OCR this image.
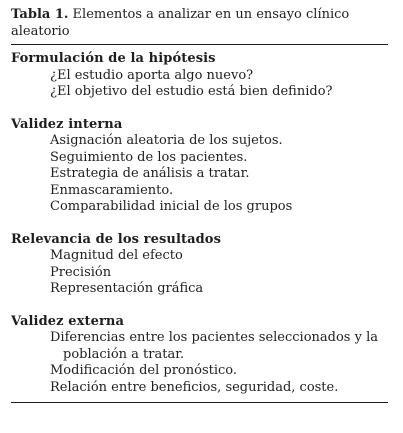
Tabla 1. Elementos a analizar en un ensayo clínico aleatorio
Formulación de la hipótesis
¿El estudio aporta algo nuevo?
¿El objetivo del estudio está bien definido?
Validez interna
Asignación aleatoria de los sujetos.
Seguimiento de los pacientes.
Estrategia de análisis a tratar.
Enmascaramiento.
Comparabilidad inicial de los grupos
Relevancia de los resultados
Magnitud del efecto
Precisión
Representación gráfica
Validez externa
Diferencias entre los pacientes seleccionados y la
población a tratar.
Modificación del pronóstico.
Relación entre beneficios, seguridad, coste.
